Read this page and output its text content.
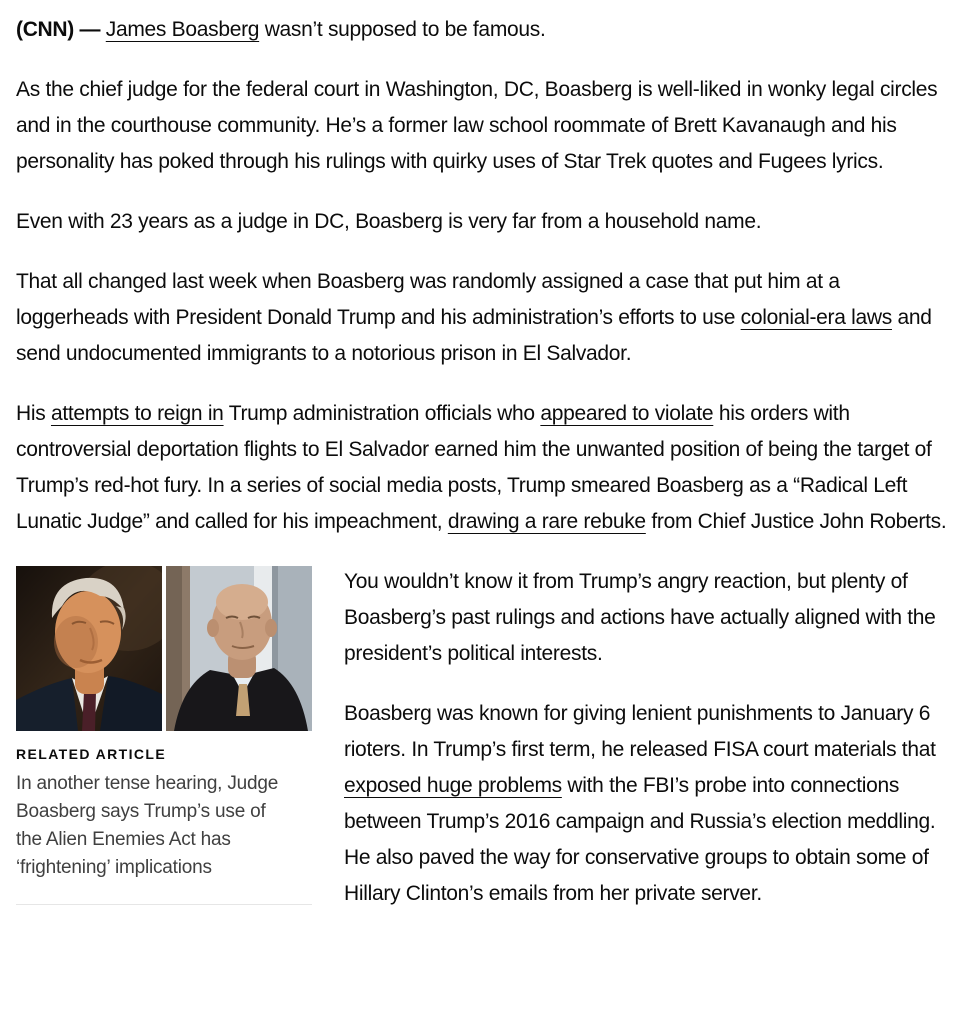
(CNN) — James Boasberg wasn’t supposed to be famous.

As the chief judge for the federal court in Washington, DC, Boasberg is well-liked in wonky legal circles and in the courthouse community. He’s a former law school roommate of Brett Kavanaugh and his personality has poked through his rulings with quirky uses of Star Trek quotes and Fugees lyrics.

Even with 23 years as a judge in DC, Boasberg is very far from a household name.

That all changed last week when Boasberg was randomly assigned a case that put him at a loggerheads with President Donald Trump and his administration’s efforts to use colonial-era laws and send undocumented immigrants to a notorious prison in El Salvador.

His attempts to reign in Trump administration officials who appeared to violate his orders with controversial deportation flights to El Salvador earned him the unwanted position of being the target of Trump’s red-hot fury. In a series of social media posts, Trump smeared Boasberg as a “Radical Left Lunatic Judge” and called for his impeachment, drawing a rare rebuke from Chief Justice John Roberts.

RELATED ARTICLE
In another tense hearing, Judge Boasberg says Trump’s use of the Alien Enemies Act has ‘frightening’ implications

You wouldn’t know it from Trump’s angry reaction, but plenty of Boasberg’s past rulings and actions have actually aligned with the president’s political interests.

Boasberg was known for giving lenient punishments to January 6 rioters. In Trump’s first term, he released FISA court materials that exposed huge problems with the FBI’s probe into connections between Trump’s 2016 campaign and Russia’s election meddling. He also paved the way for conservative groups to obtain some of Hillary Clinton’s emails from her private server.
